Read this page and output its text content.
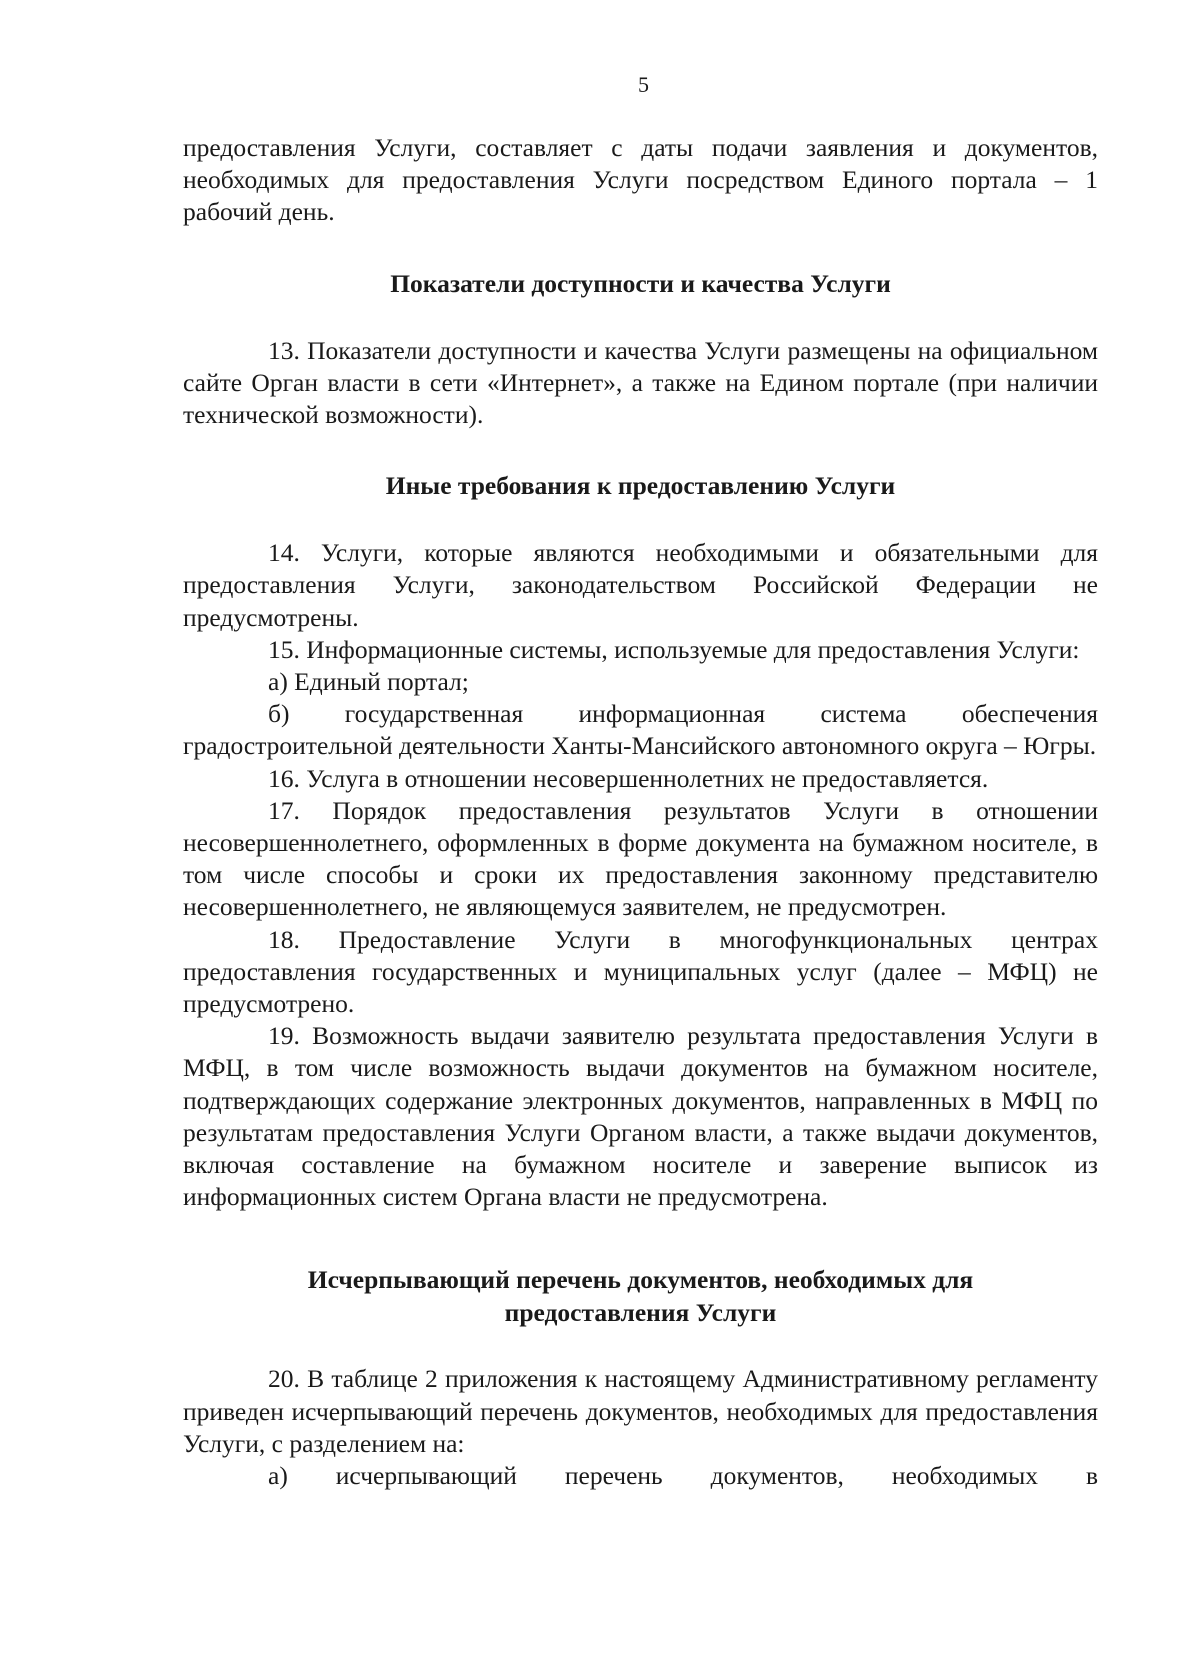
5

предоставления Услуги, составляет с даты подачи заявления и документов, необходимых для предоставления Услуги посредством Единого портала – 1 рабочий день.

Показатели доступности и качества Услуги

13. Показатели доступности и качества Услуги размещены на официальном сайте Орган власти в сети «Интернет», а также на Едином портале (при наличии технической возможности).

Иные требования к предоставлению Услуги

14. Услуги, которые являются необходимыми и обязательными для предоставления Услуги, законодательством Российской Федерации не предусмотрены.

15. Информационные системы, используемые для предоставления Услуги:

а) Единый портал;

б) государственная информационная система обеспечения градостроительной деятельности Ханты-Мансийского автономного округа – Югры.

16. Услуга в отношении несовершеннолетних не предоставляется.

17. Порядок предоставления результатов Услуги в отношении несовершеннолетнего, оформленных в форме документа на бумажном носителе, в том числе способы и сроки их предоставления законному представителю несовершеннолетнего, не являющемуся заявителем, не предусмотрен.

18. Предоставление Услуги в многофункциональных центрах предоставления государственных и муниципальных услуг (далее – МФЦ) не предусмотрено.

19. Возможность выдачи заявителю результата предоставления Услуги в МФЦ, в том числе возможность выдачи документов на бумажном носителе, подтверждающих содержание электронных документов, направленных в МФЦ по результатам предоставления Услуги Органом власти, а также выдачи документов, включая составление на бумажном носителе и заверение выписок из информационных систем Органа власти не предусмотрена.

Исчерпывающий перечень документов, необходимых для
предоставления Услуги

20. В таблице 2 приложения к настоящему Административному регламенту приведен исчерпывающий перечень документов, необходимых для предоставления Услуги, с разделением на:

а) исчерпывающий перечень документов, необходимых в
